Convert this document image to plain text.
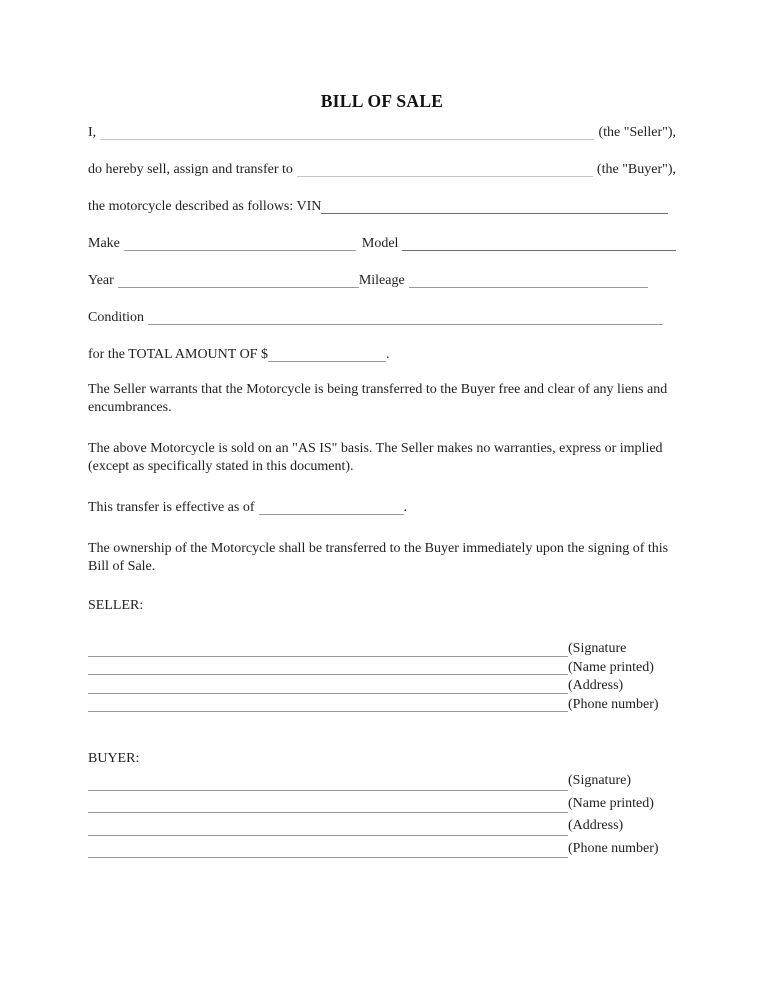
BILL OF SALE
I,	(the "Seller"),
do hereby sell, assign and transfer to	(the "Buyer"),
the motorcycle described as follows: VIN
Make	Model
Year	Mileage
Condition
for the TOTAL AMOUNT OF $	.
The Seller warrants that the Motorcycle is being transferred to the Buyer free and clear of any liens and encumbrances.
The above Motorcycle is sold on an "AS IS" basis. The Seller makes no warranties, express or implied (except as specifically stated in this document).
This transfer is effective as of	.
The ownership of the Motorcycle shall be transferred to the Buyer immediately upon the signing of this Bill of Sale.
SELLER:
(Signature
(Name printed)
(Address)
(Phone number)
BUYER:
(Signature)
(Name printed)
(Address)
(Phone number)
